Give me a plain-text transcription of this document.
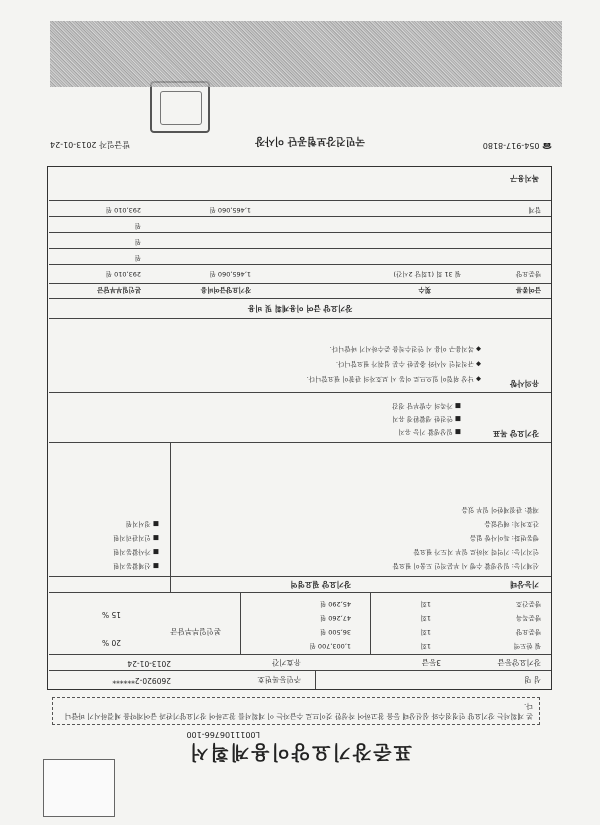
표준장기요양이용계획서
L0011106766-100
본 계획서는 장기요양 인정점수와 심신상태 등을 참고하여 작성한 것이므로 수급자는 이 계획서를 참고하여 장기요양기관과 급여계약을 체결하시기 바랍니다.
성 명
주민등록번호
260920-2******
장기요양등급
3등급
유효기간
2013-01-24
월 한도액
1회
1,003,700 원
방문요양
1회
36,500 원
방문목욕
1회
47,260 원
방문간호
1회
45,290 원
본인일부부담금
20 %
15 %
기능상태
장기요양 필요영역
신체기능: 일상생활 수행 시 부분적인 도움이 필요함
인지기능: 기억력 저하로 일부 지도가 필요함
행동변화: 특이사항 없음
간호처치: 해당없음
재활: 관절제한이 일부 있음
■ 신체활동지원
■ 가사활동지원
■ 인지관리지원
■ 정서지원
장기요양 목표
■ 일상생활 기능 유지
■ 안전한 생활환경 유지
■ 가족의 수발부담 경감
유의사항
◆ 낙상 위험이 있으므로 이동 시 보호자의 관찰이 필요합니다.
◆ 규칙적인 식사와 충분한 수분 섭취가 필요합니다.
◆ 복지용구 이용 시 안전수칙을 준수하시기 바랍니다.
장기요양 급여 이용계획 및 비용
급여종류
횟수
장기요양급여비용
본인일부부담금
방문요양
월 31 회 (1회당 2시간)
1,465,060 원
293,010 원
원
원
원
합계
1,465,060 원
293,010 원
복지용구
☎ 054-917-8180
국민건강보험공단 이사장
발급일자 2013-01-24
